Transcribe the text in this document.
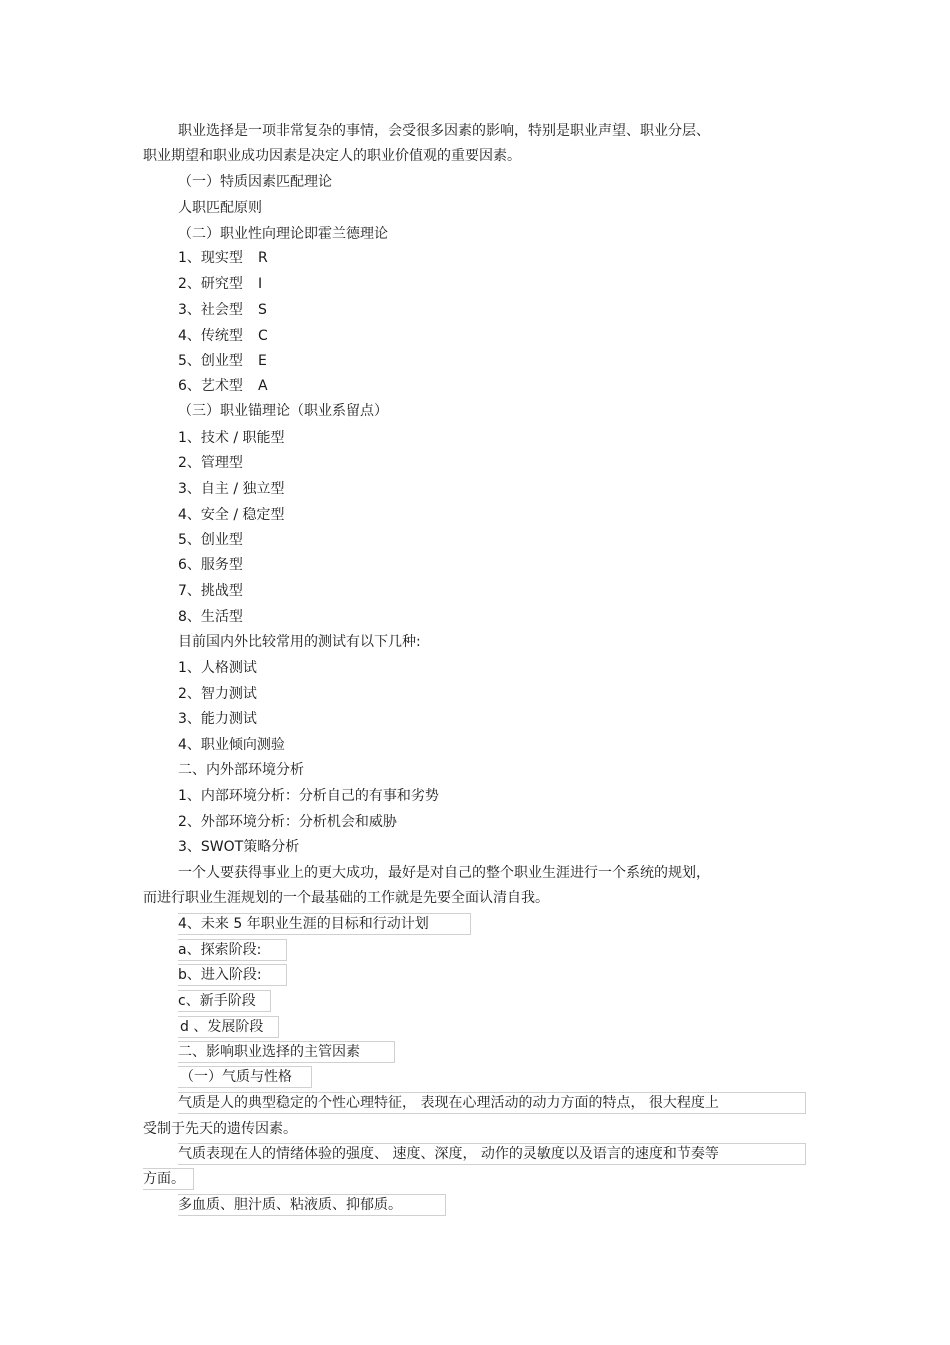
职业选择是一项非常复杂的事情，会受很多因素的影响，特别是职业声望、职业分层、
职业期望和职业成功因素是决定人的职业价值观的重要因素。
（一）特质因素匹配理论
人职匹配原则
（二）职业性向理论即霍兰德理论
1、现实型 R
2、研究型 I
3、社会型 S
4、传统型 C
5、创业型 E
6、艺术型 A
（三）职业锚理论（职业系留点）
1、技术 / 职能型
2、管理型
3、自主 / 独立型
4、安全 / 稳定型
5、创业型
6、服务型
7、挑战型
8、生活型
目前国内外比较常用的测试有以下几种:
1、人格测试
2、智力测试
3、能力测试
4、职业倾向测验
二、内外部环境分析
1、内部环境分析：分析自己的有事和劣势
2、外部环境分析：分析机会和威胁
3、SWOT策略分析
一个人要获得事业上的更大成功，最好是对自己的整个职业生涯进行一个系统的规划，
而进行职业生涯规划的一个最基础的工作就是先要全面认清自我。
4、未来 5 年职业生涯的目标和行动计划
a、探索阶段:
b、进入阶段:
c、新手阶段
d 、发展阶段
二、影响职业选择的主管因素
（一）气质与性格
气质是人的典型稳定的个性心理特征， 表现在心理活动的动力方面的特点， 很大程度上
受制于先天的遗传因素。
气质表现在人的情绪体验的强度、 速度、深度， 动作的灵敏度以及语言的速度和节奏等
方面。
多血质、胆汁质、粘液质、抑郁质。
